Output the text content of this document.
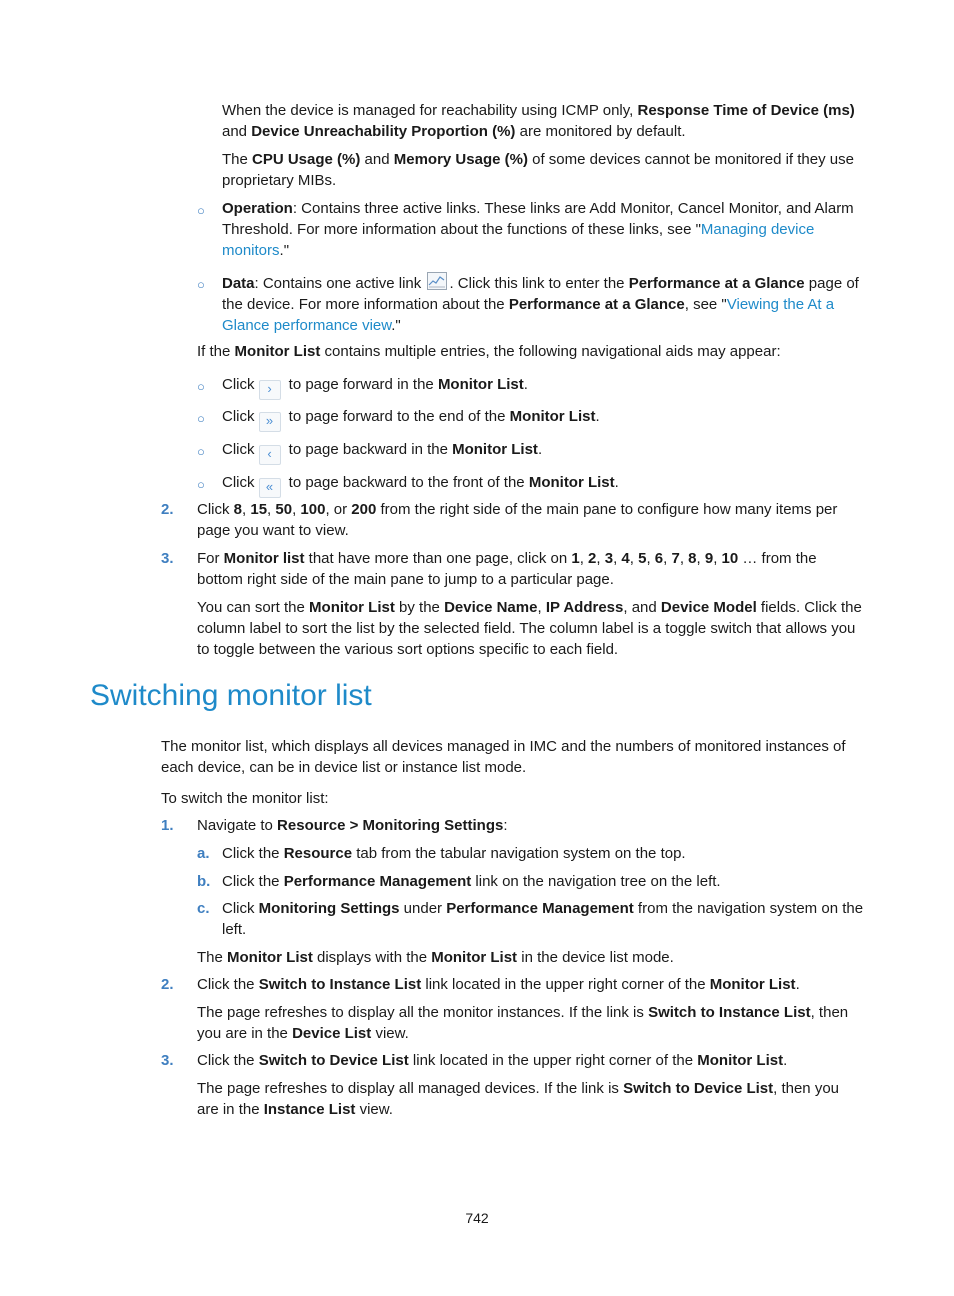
When the device is managed for reachability using ICMP only, Response Time of Device (ms) and Device Unreachability Proportion (%) are monitored by default.

The CPU Usage (%) and Memory Usage (%) of some devices cannot be monitored if they use proprietary MIBs.

○ Operation: Contains three active links. These links are Add Monitor, Cancel Monitor, and Alarm Threshold. For more information about the functions of these links, see "Managing device monitors."

○ Data: Contains one active link . Click this link to enter the Performance at a Glance page of the device. For more information about the Performance at a Glance, see "Viewing the At a Glance performance view."

If the Monitor List contains multiple entries, the following navigational aids may appear:

○ Click › to page forward in the Monitor List.

○ Click » to page forward to the end of the Monitor List.

○ Click ‹ to page backward in the Monitor List.

○ Click « to page backward to the front of the Monitor List.

2. Click 8, 15, 50, 100, or 200 from the right side of the main pane to configure how many items per page you want to view.

3. For Monitor list that have more than one page, click on 1, 2, 3, 4, 5, 6, 7, 8, 9, 10 … from the bottom right side of the main pane to jump to a particular page.

You can sort the Monitor List by the Device Name, IP Address, and Device Model fields. Click the column label to sort the list by the selected field. The column label is a toggle switch that allows you to toggle between the various sort options specific to each field.

Switching monitor list

The monitor list, which displays all devices managed in IMC and the numbers of monitored instances of each device, can be in device list or instance list mode.

To switch the monitor list:

1. Navigate to Resource > Monitoring Settings:

a. Click the Resource tab from the tabular navigation system on the top.

b. Click the Performance Management link on the navigation tree on the left.

c. Click Monitoring Settings under Performance Management from the navigation system on the left.

The Monitor List displays with the Monitor List in the device list mode.

2. Click the Switch to Instance List link located in the upper right corner of the Monitor List.

The page refreshes to display all the monitor instances. If the link is Switch to Instance List, then you are in the Device List view.

3. Click the Switch to Device List link located in the upper right corner of the Monitor List.

The page refreshes to display all managed devices. If the link is Switch to Device List, then you are in the Instance List view.

742
